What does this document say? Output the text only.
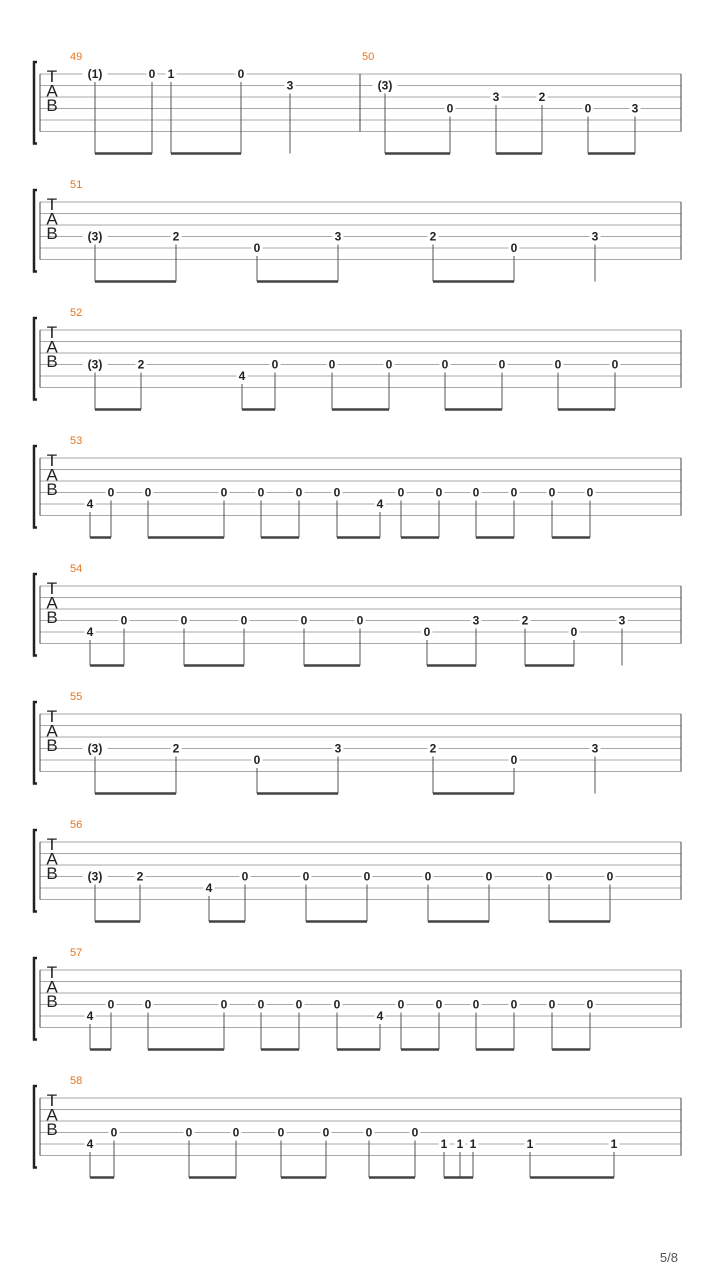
T
A
B
49
(1)	0 1	0
3
50
(3)
0
3	2
0	3
T
A
B
51
(3)	2
0
3	2
0
3
T
A
B
52
(3)	2
4
0	0	0	0	0	0	0
T
A
B
53
4
0	0	0	0	0	0
4
0	0	0	0	0	0
T
A
B
54
4
0	0	0	0	0
0
3	2
0
3
T
A
B
55
(3)	2
0
3	2
0
3
T
A
B
56
(3)	2
4
0	0	0	0	0	0	0
T
A
B
57
4
0	0	0	0	0	0
4
0	0	0	0	0	0
T
A
B
58
4
0	0	0	0	0	0	0
1 1	1	1
1
5/8
